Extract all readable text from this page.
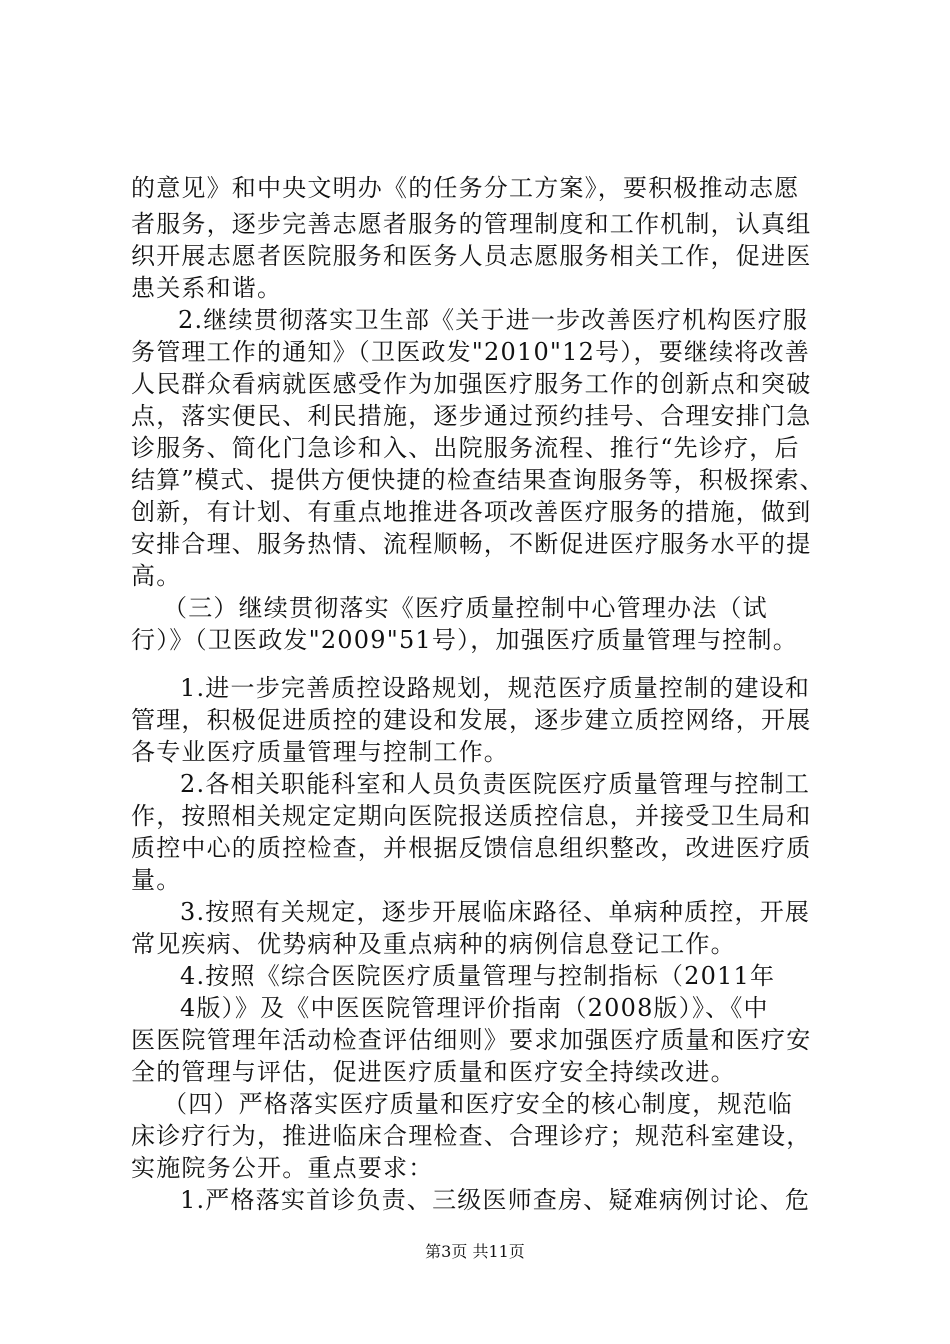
的意见》和中央文明办《的任务分工方案》，要积极推动志愿
者服务，逐步完善志愿者服务的管理制度和工作机制，认真组
织开展志愿者医院服务和医务人员志愿服务相关工作，促进医
患关系和谐。
2.继续贯彻落实卫生部《关于进一步改善医疗机构医疗服
务管理工作的通知》（卫医政发"2010"12号），要继续将改善
人民群众看病就医感受作为加强医疗服务工作的创新点和突破
点，落实便民、利民措施，逐步通过预约挂号、合理安排门急
诊服务、简化门急诊和入、出院服务流程、推行“先诊疗，后
结算”模式、提供方便快捷的检查结果查询服务等，积极探索、
创新，有计划、有重点地推进各项改善医疗服务的措施，做到
安排合理、服务热情、流程顺畅，不断促进医疗服务水平的提
高。
（三）继续贯彻落实《医疗质量控制中心管理办法（试
行）》（卫医政发"2009"51号），加强医疗质量管理与控制。
1.进一步完善质控设路规划，规范医疗质量控制的建设和
管理，积极促进质控的建设和发展，逐步建立质控网络，开展
各专业医疗质量管理与控制工作。
2.各相关职能科室和人员负责医院医疗质量管理与控制工
作，按照相关规定定期向医院报送质控信息，并接受卫生局和
质控中心的质控检查，并根据反馈信息组织整改，改进医疗质
量。
3.按照有关规定，逐步开展临床路径、单病种质控，开展
常见疾病、优势病种及重点病种的病例信息登记工作。
4.按照《综合医院医疗质量管理与控制指标（2011年
4版）》及《中医医院管理评价指南（2008版）》、《中
医医院管理年活动检查评估细则》要求加强医疗质量和医疗安
全的管理与评估，促进医疗质量和医疗安全持续改进。
（四）严格落实医疗质量和医疗安全的核心制度，规范临
床诊疗行为，推进临床合理检查、合理诊疗；规范科室建设，
实施院务公开。重点要求：
1.严格落实首诊负责、三级医师查房、疑难病例讨论、危
第3页 共11页
